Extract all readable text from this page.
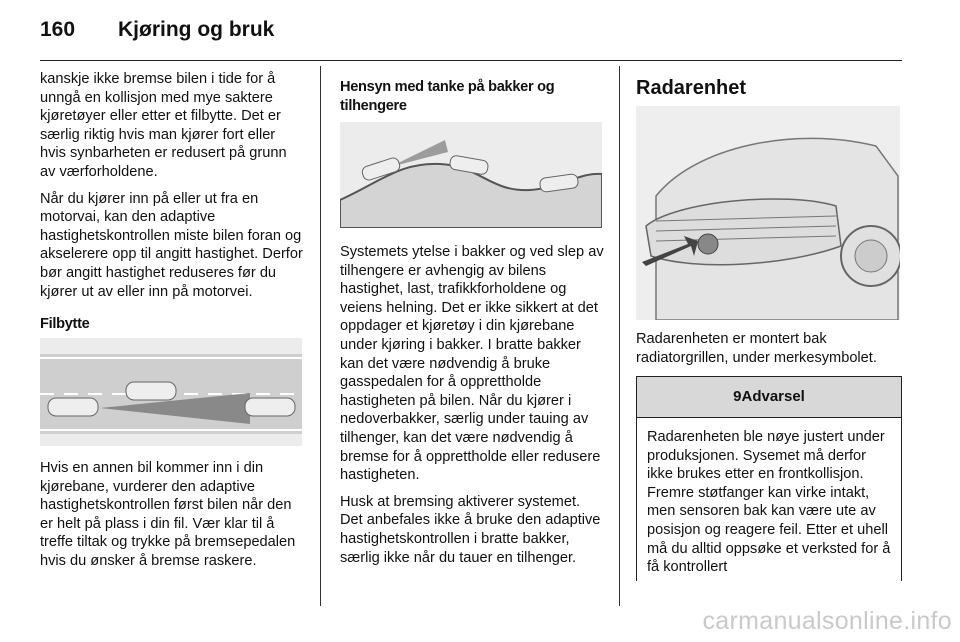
160 Kjøring og bruk

kanskje ikke bremse bilen i tide for å unngå en kollisjon med mye saktere kjøretøyer eller etter et filbytte. Det er særlig riktig hvis man kjører fort eller hvis synbarheten er redusert på grunn av værforholdene.

Når du kjører inn på eller ut fra en motorvai, kan den adaptive hastighetskontrollen miste bilen foran og akselerere opp til angitt hastighet. Derfor bør angitt hastighet reduseres før du kjører ut av eller inn på motorvei.

Filbytte

Hvis en annen bil kommer inn i din kjørebane, vurderer den adaptive hastighetskontrollen først bilen når den er helt på plass i din fil. Vær klar til å treffe tiltak og trykke på bremsepedalen hvis du ønsker å bremse raskere.

Hensyn med tanke på bakker og tilhengere

Systemets ytelse i bakker og ved slep av tilhengere er avhengig av bilens hastighet, last, trafikkforholdene og veiens helning. Det er ikke sikkert at det oppdager et kjøretøy i din kjørebane under kjøring i bakker. I bratte bakker kan det være nødvendig å bruke gasspedalen for å opprettholde hastigheten på bilen. Når du kjører i nedoverbakker, særlig under tauing av tilhenger, kan det være nødvendig å bremse for å opprettholde eller redusere hastigheten.

Husk at bremsing aktiverer systemet. Det anbefales ikke å bruke den adaptive hastighetskontrollen i bratte bakker, særlig ikke når du tauer en tilhenger.

Radarenhet

Radarenheten er montert bak radiatorgrillen, under merkesymbolet.

9Advarsel
Radarenheten ble nøye justert under produksjonen. Sysemet må derfor ikke brukes etter en frontkollisjon. Fremre støtfanger kan virke intakt, men sensoren bak kan være ute av posisjon og reagere feil. Etter et uhell må du alltid oppsøke et verksted for å få kontrollert
carmanualsonline.info
